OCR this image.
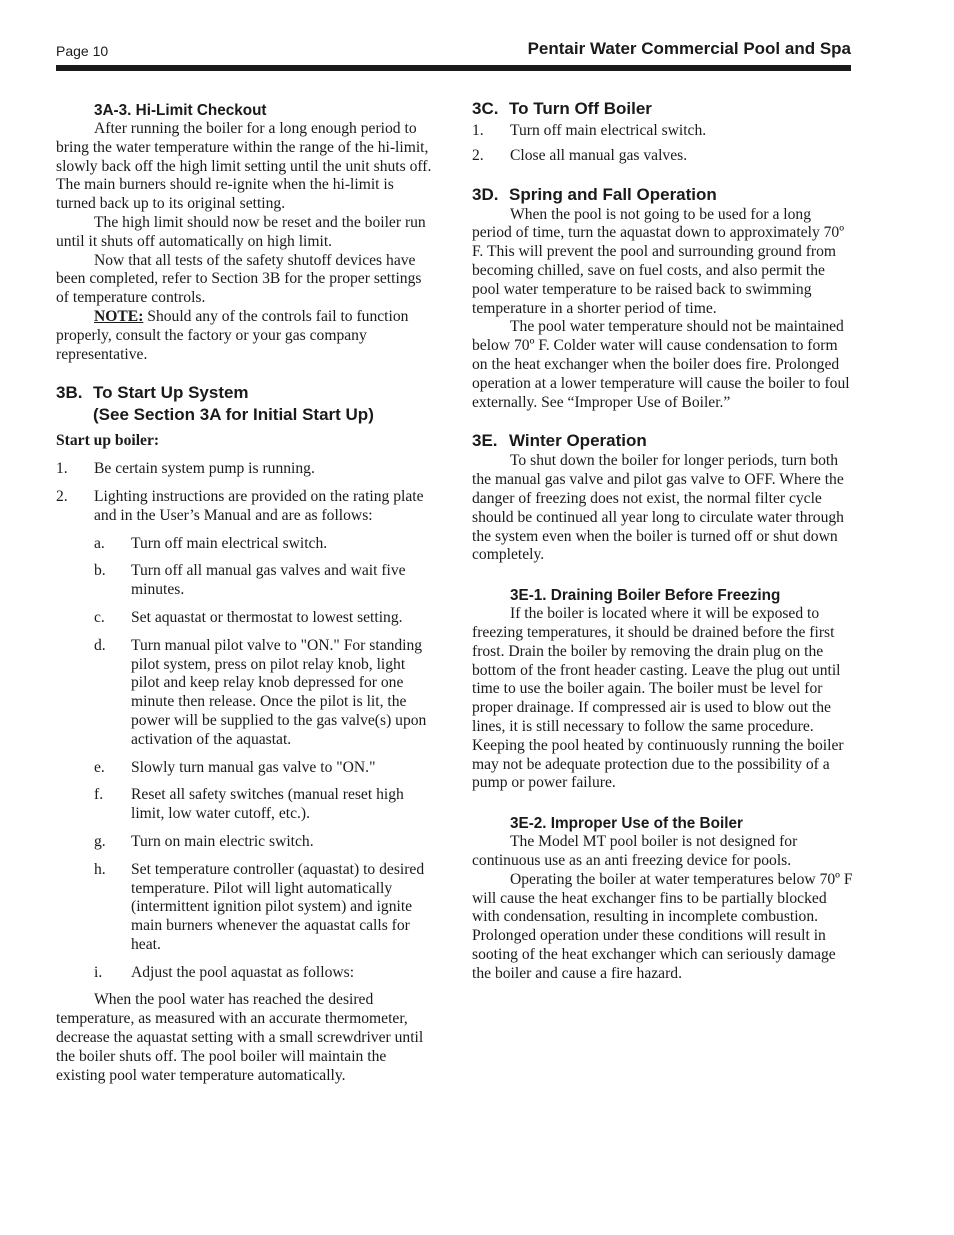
Page 10	Pentair Water Commercial Pool and Spa
3A-3. Hi-Limit Checkout

After running the boiler for a long enough period to bring the water temperature within the range of the hi-limit, slowly back off the high limit setting until the unit shuts off. The main burners should re-ignite when the hi-limit is turned back up to its original setting.

The high limit should now be reset and the boiler run until it shuts off automatically on high limit.

Now that all tests of the safety shutoff devices have been completed, refer to Section 3B for the proper settings of temperature controls.

NOTE: Should any of the controls fail to function properly, consult the factory or your gas company representative.

3B. To Start Up System
(See Section 3A for Initial Start Up)
Start up boiler:
1. Be certain system pump is running.
2. Lighting instructions are provided on the rating plate and in the User’s Manual and are as follows:
a. Turn off main electrical switch.
b. Turn off all manual gas valves and wait five minutes.
c. Set aquastat or thermostat to lowest setting.
d. Turn manual pilot valve to "ON." For standing pilot system, press on pilot relay knob, light pilot and keep relay knob depressed for one minute then release. Once the pilot is lit, the power will be supplied to the gas valve(s) upon activation of the aquastat.
e. Slowly turn manual gas valve to "ON."
f. Reset all safety switches (manual reset high limit, low water cutoff, etc.).
g. Turn on main electric switch.
h. Set temperature controller (aquastat) to desired temperature. Pilot will light automatically (intermittent ignition pilot system) and ignite main burners whenever the aquastat calls for heat.
i. Adjust the pool aquastat as follows:

When the pool water has reached the desired temperature, as measured with an accurate thermometer, decrease the aquastat setting with a small screwdriver until the boiler shuts off. The pool boiler will maintain the existing pool water temperature automatically.

3C. To Turn Off Boiler
1. Turn off main electrical switch.
2. Close all manual gas valves.
3D. Spring and Fall Operation

When the pool is not going to be used for a long period of time, turn the aquastat down to approximately 70º F. This will prevent the pool and surrounding ground from becoming chilled, save on fuel costs, and also permit the pool water temperature to be raised back to swimming temperature in a shorter period of time.

The pool water temperature should not be maintained below 70º F. Colder water will cause condensation to form on the heat exchanger when the boiler does fire. Prolonged operation at a lower temperature will cause the boiler to foul externally. See “Improper Use of Boiler.”

3E. Winter Operation

To shut down the boiler for longer periods, turn both the manual gas valve and pilot gas valve to OFF. Where the danger of freezing does not exist, the normal filter cycle should be continued all year long to circulate water through the system even when the boiler is turned off or shut down completely.

3E-1. Draining Boiler Before Freezing

If the boiler is located where it will be exposed to freezing temperatures, it should be drained before the first frost. Drain the boiler by removing the drain plug on the bottom of the front header casting. Leave the plug out until time to use the boiler again. The boiler must be level for proper drainage. If compressed air is used to blow out the lines, it is still necessary to follow the same procedure. Keeping the pool heated by continuously running the boiler may not be adequate protection due to the possibility of a pump or power failure.

3E-2. Improper Use of the Boiler

The Model MT pool boiler is not designed for continuous use as an anti freezing device for pools.

Operating the boiler at water temperatures below 70º F will cause the heat exchanger fins to be partially blocked with condensation, resulting in incomplete combustion. Prolonged operation under these conditions will result in sooting of the heat exchanger which can seriously damage the boiler and cause a fire hazard.
